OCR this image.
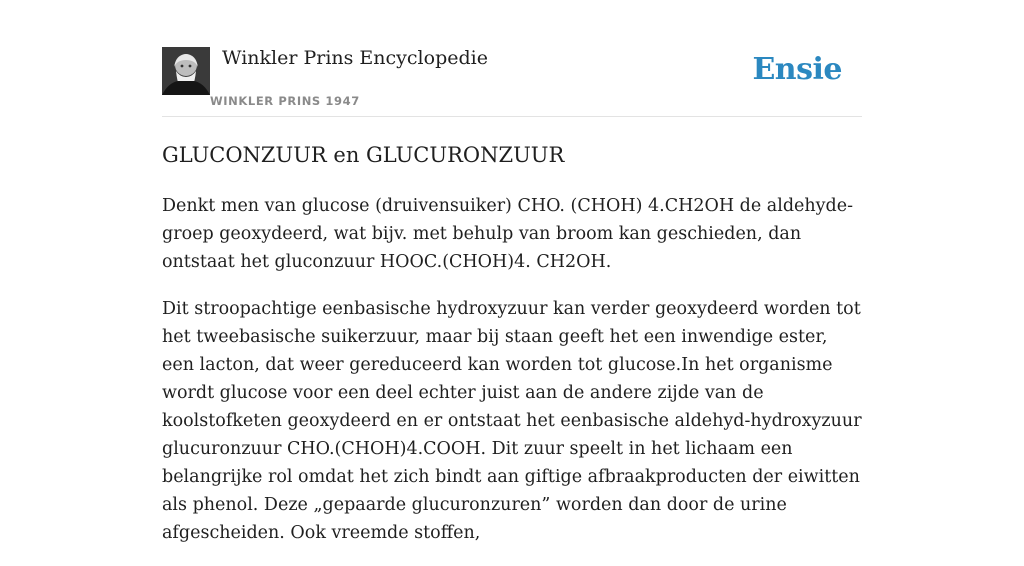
Winkler Prins Encyclopedie
WINKLER PRINS 1947
Ensie
GLUCONZUUR en GLUCURONZUUR

Denkt men van glucose (druivensuiker) CHO. (CHOH) 4.CH2OH de aldehyde-groep geoxydeerd, wat bijv. met behulp van broom kan geschieden, dan ontstaat het gluconzuur HOOC.(CHOH)4. CH2OH.

Dit stroopachtige eenbasische hydroxyzuur kan verder geoxydeerd worden tot het tweebasische suikerzuur, maar bij staan geeft het een inwendige ester, een lacton, dat weer gereduceerd kan worden tot glucose.In het organisme wordt glucose voor een deel echter juist aan de andere zijde van de koolstofketen geoxydeerd en er ontstaat het eenbasische aldehyd-hydroxyzuur glucuronzuur CHO.(CHOH)4.COOH. Dit zuur speelt in het lichaam een belangrijke rol omdat het zich bindt aan giftige afbraakproducten der eiwitten als phenol. Deze „gepaarde glucuronzuren” worden dan door de urine afgescheiden. Ook vreemde stoffen,
